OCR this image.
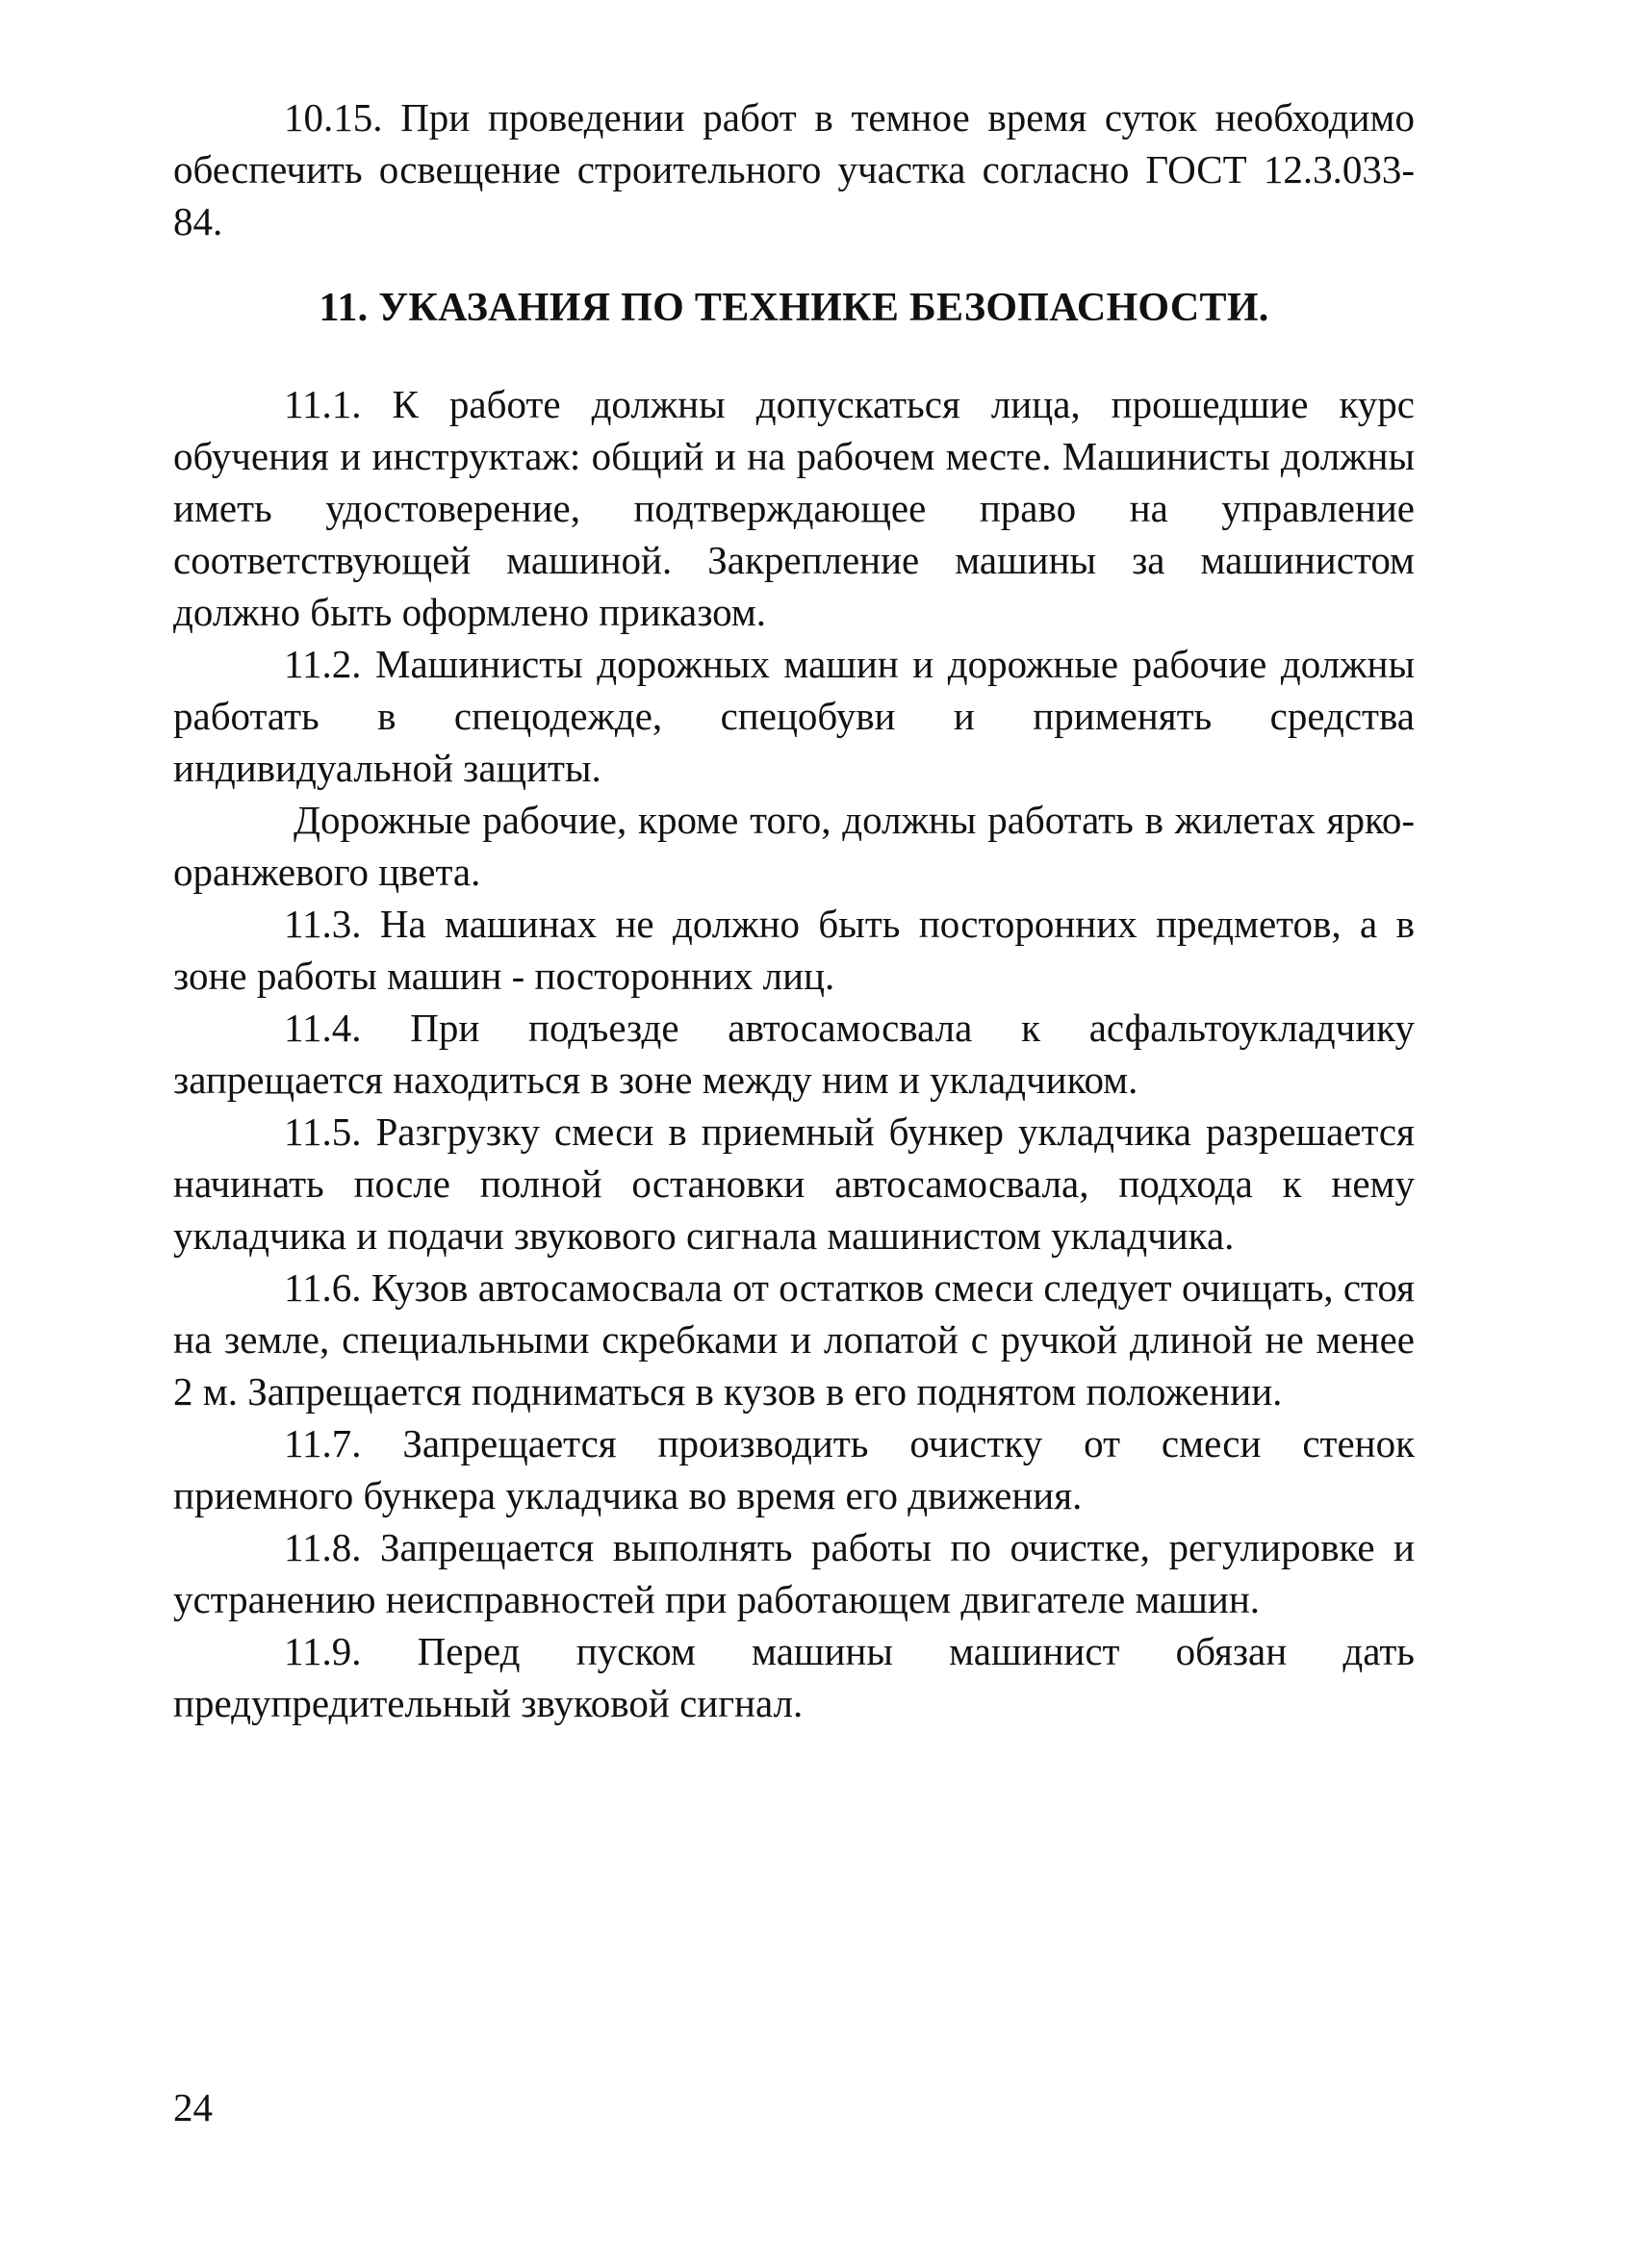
10.15. При проведении работ в темное время суток необходимо обеспечить освещение строительного участка согласно ГОСТ 12.3.033-84.

11. УКАЗАНИЯ ПО ТЕХНИКЕ БЕЗОПАСНОСТИ.

11.1. К работе должны допускаться лица, прошедшие курс обучения и инструктаж: общий и на рабочем месте. Машинисты должны иметь удостоверение, подтверждающее право на управление соответствующей машиной. Закрепление машины за машинистом должно быть оформлено приказом.

11.2. Машинисты дорожных машин и дорожные рабочие должны работать в спецодежде, спецобуви и применять средства индивидуальной защиты.

Дорожные рабочие, кроме того, должны работать в жилетах ярко-оранжевого цвета.

11.3. На машинах не должно быть посторонних предметов, а в зоне работы машин - посторонних лиц.

11.4. При подъезде автосамосвала к асфальтоукладчику запрещается находиться в зоне между ним и укладчиком.

11.5. Разгрузку смеси в приемный бункер укладчика разрешается начинать после полной остановки автосамосвала, подхода к нему укладчика и подачи звукового сигнала машинистом укладчика.

11.6. Кузов автосамосвала от остатков смеси следует очищать, стоя на земле, специальными скребками и лопатой с ручкой длиной не менее 2 м. Запрещается подниматься в кузов в его поднятом положении.

11.7. Запрещается производить очистку от смеси стенок приемного бункера укладчика во время его движения.

11.8. Запрещается выполнять работы по очистке, регулировке и устранению неисправностей при работающем двигателе машин.

11.9. Перед пуском машины машинист обязан дать предупредительный звуковой сигнал.

24
